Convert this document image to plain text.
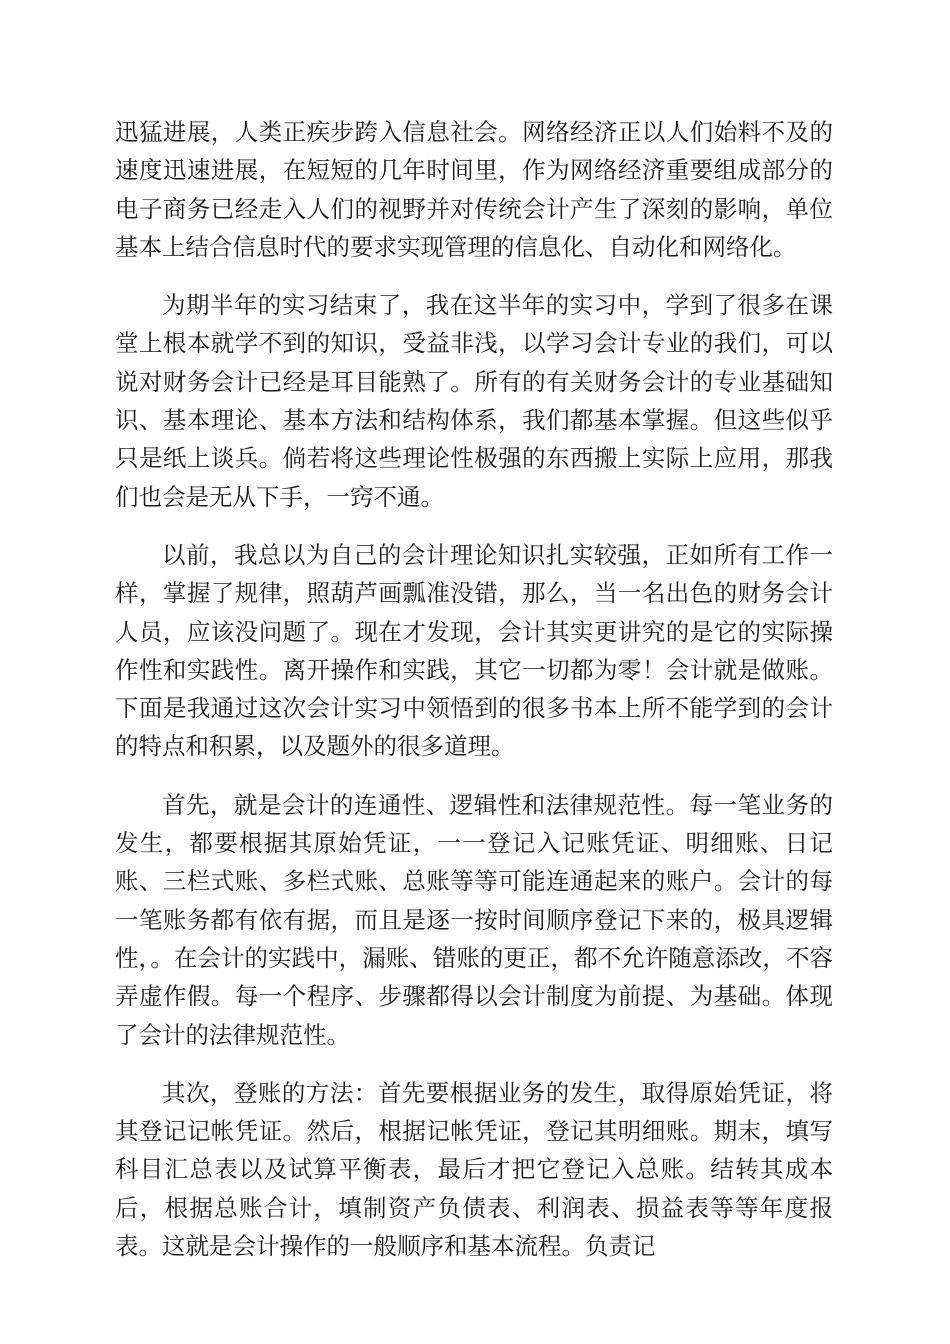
迅猛进展，人类正疾步跨入信息社会。网络经济正以人们始料不及的速度迅速进展，在短短的几年时间里，作为网络经济重要组成部分的电子商务已经走入人们的视野并对传统会计产生了深刻的影响，单位基本上结合信息时代的要求实现管理的信息化、自动化和网络化。

为期半年的实习结束了，我在这半年的实习中，学到了很多在课堂上根本就学不到的知识，受益非浅，以学习会计专业的我们，可以说对财务会计已经是耳目能熟了。所有的有关财务会计的专业基础知识、基本理论、基本方法和结构体系，我们都基本掌握。但这些似乎只是纸上谈兵。倘若将这些理论性极强的东西搬上实际上应用，那我们也会是无从下手，一窍不通。

以前，我总以为自己的会计理论知识扎实较强，正如所有工作一样，掌握了规律，照葫芦画瓢准没错，那么，当一名出色的财务会计人员，应该没问题了。现在才发现，会计其实更讲究的是它的实际操作性和实践性。离开操作和实践，其它一切都为零！会计就是做账。下面是我通过这次会计实习中领悟到的很多书本上所不能学到的会计的特点和积累，以及题外的很多道理。

首先，就是会计的连通性、逻辑性和法律规范性。每一笔业务的发生，都要根据其原始凭证，一一登记入记账凭证、明细账、日记账、三栏式账、多栏式账、总账等等可能连通起来的账户。会计的每一笔账务都有依有据，而且是逐一按时间顺序登记下来的，极具逻辑性，。在会计的实践中，漏账、错账的更正，都不允许随意添改，不容弄虚作假。每一个程序、步骤都得以会计制度为前提、为基础。体现了会计的法律规范性。

其次，登账的方法：首先要根据业务的发生，取得原始凭证，将其登记记帐凭证。然后，根据记帐凭证，登记其明细账。期末，填写科目汇总表以及试算平衡表，最后才把它登记入总账。结转其成本后，根据总账合计，填制资产负债表、利润表、损益表等等年度报表。这就是会计操作的一般顺序和基本流程。负责记
